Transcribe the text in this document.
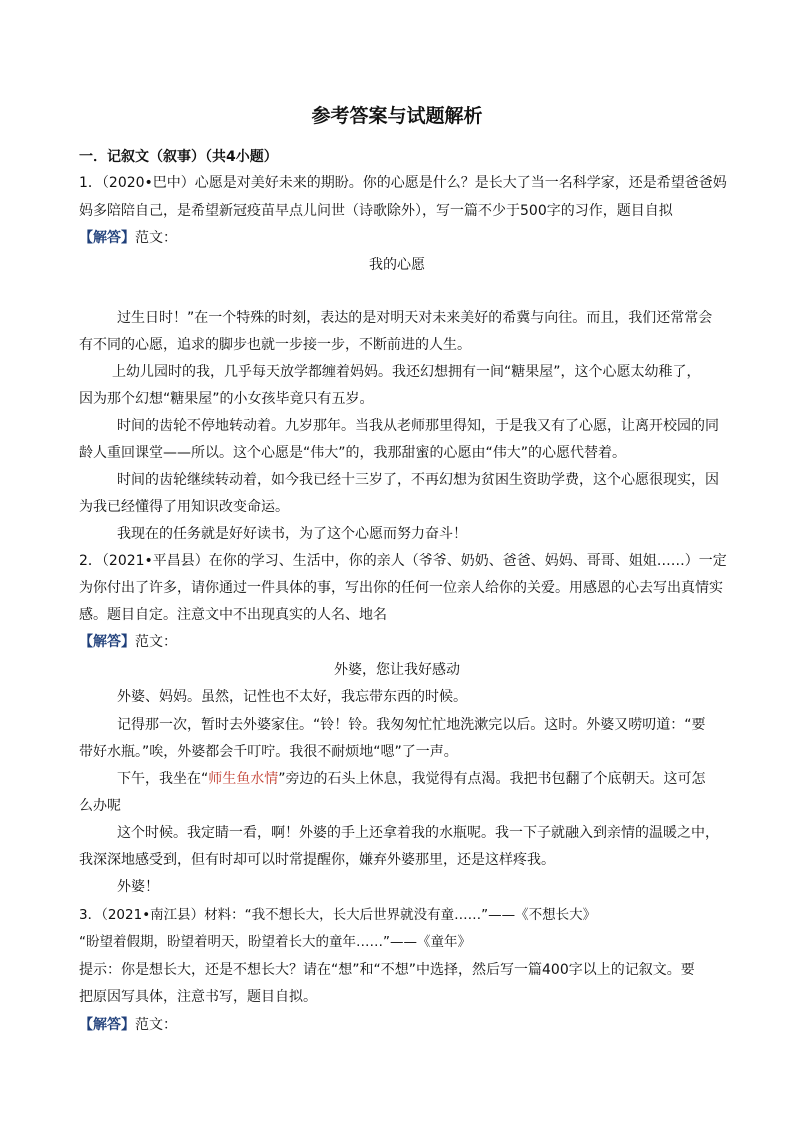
参考答案与试题解析
一．记叙文（叙事）（共4小题）
1．（2020•巴中）心愿是对美好未来的期盼。你的心愿是什么？是长大了当一名科学家，还是希望爸爸妈
妈多陪陪自己，是希望新冠疫苗早点儿问世（诗歌除外），写一篇不少于500字的习作，题目自拟
【解答】范文：
我的心愿
过生日时！”在一个特殊的时刻，表达的是对明天对未来美好的希冀与向往。而且，我们还常常会
有不同的心愿，追求的脚步也就一步接一步，不断前进的人生。
上幼儿园时的我，几乎每天放学都缠着妈妈。我还幻想拥有一间“糖果屋”，这个心愿太幼稚了，
因为那个幻想“糖果屋”的小女孩毕竟只有五岁。
时间的齿轮不停地转动着。九岁那年。当我从老师那里得知，于是我又有了心愿，让离开校园的同
龄人重回课堂——所以。这个心愿是“伟大”的，我那甜蜜的心愿由“伟大”的心愿代替着。
时间的齿轮继续转动着，如今我已经十三岁了，不再幻想为贫困生资助学费，这个心愿很现实，因
为我已经懂得了用知识改变命运。
我现在的任务就是好好读书，为了这个心愿而努力奋斗！
2．（2021•平昌县）在你的学习、生活中，你的亲人（爷爷、奶奶、爸爸、妈妈、哥哥、姐姐……）一定
为你付出了许多，请你通过一件具体的事，写出你的任何一位亲人给你的关爱。用感恩的心去写出真情实
感。题目自定。注意文中不出现真实的人名、地名
【解答】范文：
外婆，您让我好感动
外婆、妈妈。虽然，记性也不太好，我忘带东西的时候。
记得那一次，暂时去外婆家住。“铃！铃。我匆匆忙忙地洗漱完以后。这时。外婆又唠叨道：“要
带好水瓶。”唉，外婆都会千叮咛。我很不耐烦地“嗯”了一声。
下午，我坐在“师生鱼水情”旁边的石头上休息，我觉得有点渴。我把书包翻了个底朝天。这可怎
么办呢
这个时候。我定睛一看，啊！外婆的手上还拿着我的水瓶呢。我一下子就融入到亲情的温暖之中，
我深深地感受到，但有时却可以时常提醒你，嫌弃外婆那里，还是这样疼我。
外婆！
3．（2021•南江县）材料：“我不想长大，长大后世界就没有童……”——《不想长大》
“盼望着假期，盼望着明天，盼望着长大的童年……”——《童年》
提示：你是想长大，还是不想长大？请在“想”和“不想”中选择，然后写一篇400字以上的记叙文。要
把原因写具体，注意书写，题目自拟。
【解答】范文：
